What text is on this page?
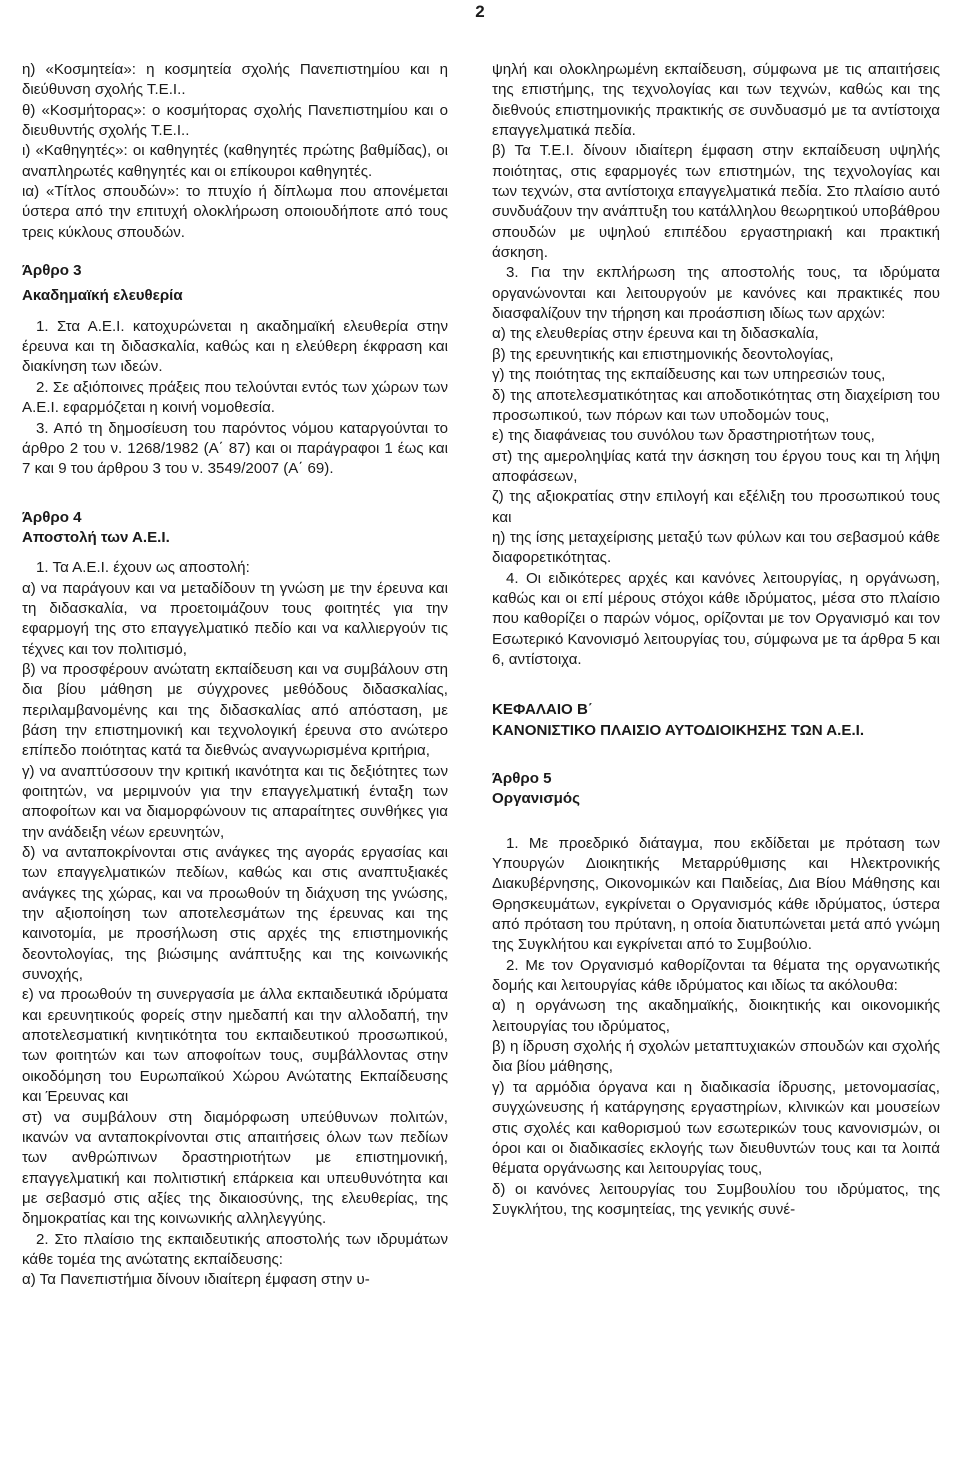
2

η) «Κοσμητεία»: η κοσμητεία σχολής Πανεπιστημίου και η διεύθυνση σχολής Τ.Ε.Ι..

θ) «Κοσμήτορας»: ο κοσμήτορας σχολής Πανεπιστημίου και ο διευθυντής σχολής Τ.Ε.Ι..

ι) «Καθηγητές»: οι καθηγητές (καθηγητές πρώτης βαθμίδας), οι αναπληρωτές καθηγητές και οι επίκουροι καθηγητές.

ια) «Τίτλος σπουδών»: το πτυχίο ή δίπλωμα που απονέμεται ύστερα από την επιτυχή ολοκλήρωση οποιουδήποτε από τους τρεις κύκλους σπουδών.

Άρθρο 3

Ακαδημαϊκή ελευθερία

1. Στα Α.Ε.Ι. κατοχυρώνεται η ακαδημαϊκή ελευθερία στην έρευνα και τη διδασκαλία, καθώς και η ελεύθερη έκφραση και διακίνηση των ιδεών.

2. Σε αξιόποινες πράξεις που τελούνται εντός των χώρων των Α.Ε.Ι. εφαρμόζεται η κοινή νομοθεσία.

3. Από τη δημοσίευση του παρόντος νόμου καταργούνται το άρθρο 2 του ν. 1268/1982 (Α΄ 87) και οι παράγραφοι 1 έως και 7 και 9 του άρθρου 3 του ν. 3549/2007 (Α΄ 69).

Άρθρο 4

Αποστολή των Α.Ε.Ι.

1. Τα Α.Ε.Ι. έχουν ως αποστολή:

α) να παράγουν και να μεταδίδουν τη γνώση με την έρευνα και τη διδασκαλία, να προετοιμάζουν τους φοιτητές για την εφαρμογή της στο επαγγελματικό πεδίο και να καλλιεργούν τις τέχνες και τον πολιτισμό,

β) να προσφέρουν ανώτατη εκπαίδευση και να συμβάλουν στη δια βίου μάθηση με σύγχρονες μεθόδους διδασκαλίας, περιλαμβανομένης και της διδασκαλίας από απόσταση, με βάση την επιστημονική και τεχνολογική έρευνα στο ανώτερο επίπεδο ποιότητας κατά τα διεθνώς αναγνωρισμένα κριτήρια,

γ) να αναπτύσσουν την κριτική ικανότητα και τις δεξιότητες των φοιτητών, να μεριμνούν για την επαγγελματική ένταξη των αποφοίτων και να διαμορφώνουν τις απαραίτητες συνθήκες για την ανάδειξη νέων ερευνητών,

δ) να ανταποκρίνονται στις ανάγκες της αγοράς εργασίας και των επαγγελματικών πεδίων, καθώς και στις αναπτυξιακές ανάγκες της χώρας, και να προωθούν τη διάχυση της γνώσης, την αξιοποίηση των αποτελεσμάτων της έρευνας και της καινοτομία, με προσήλωση στις αρχές της επιστημονικής δεοντολογίας, της βιώσιμης ανάπτυξης και της κοινωνικής συνοχής,

ε) να προωθούν τη συνεργασία με άλλα εκπαιδευτικά ιδρύματα και ερευνητικούς φορείς στην ημεδαπή και την αλλοδαπή, την αποτελεσματική κινητικότητα του εκπαιδευτικού προσωπικού, των φοιτητών και των αποφοίτων τους, συμβάλλοντας στην οικοδόμηση του Ευρωπαϊκού Χώρου Ανώτατης Εκπαίδευσης και Έρευνας και

στ) να συμβάλουν στη διαμόρφωση υπεύθυνων πολιτών, ικανών να ανταποκρίνονται στις απαιτήσεις όλων των πεδίων των ανθρώπινων δραστηριοτήτων με επιστημονική, επαγγελματική και πολιτιστική επάρκεια και υπευθυνότητα και με σεβασμό στις αξίες της δικαιοσύνης, της ελευθερίας, της δημοκρατίας και της κοινωνικής αλληλεγγύης.

2. Στο πλαίσιο της εκπαιδευτικής αποστολής των ιδρυμάτων κάθε τομέα της ανώτατης εκπαίδευσης:

α) Τα Πανεπιστήμια δίνουν ιδιαίτερη έμφαση στην υ-

ψηλή και ολοκληρωμένη εκπαίδευση, σύμφωνα με τις απαιτήσεις της επιστήμης, της τεχνολογίας και των τεχνών, καθώς και της διεθνούς επιστημονικής πρακτικής σε συνδυασμό με τα αντίστοιχα επαγγελματικά πεδία.

β) Τα Τ.Ε.Ι. δίνουν ιδιαίτερη έμφαση στην εκπαίδευση υψηλής ποιότητας, στις εφαρμογές των επιστημών, της τεχνολογίας και των τεχνών, στα αντίστοιχα επαγγελματικά πεδία. Στο πλαίσιο αυτό συνδυάζουν την ανάπτυξη του κατάλληλου θεωρητικού υποβάθρου σπουδών με υψηλού επιπέδου εργαστηριακή και πρακτική άσκηση.

3. Για την εκπλήρωση της αποστολής τους, τα ιδρύματα οργανώνονται και λειτουργούν με κανόνες και πρακτικές που διασφαλίζουν την τήρηση και προάσπιση ιδίως των αρχών:

α) της ελευθερίας στην έρευνα και τη διδασκαλία,

β) της ερευνητικής και επιστημονικής δεοντολογίας,

γ) της ποιότητας της εκπαίδευσης και των υπηρεσιών τους,

δ) της αποτελεσματικότητας και αποδοτικότητας στη διαχείριση του προσωπικού, των πόρων και των υποδομών τους,

ε) της διαφάνειας του συνόλου των δραστηριοτήτων τους,

στ) της αμεροληψίας κατά την άσκηση του έργου τους και τη λήψη αποφάσεων,

ζ) της αξιοκρατίας στην επιλογή και εξέλιξη του προσωπικού τους και

η) της ίσης μεταχείρισης μεταξύ των φύλων και του σεβασμού κάθε διαφορετικότητας.

4. Οι ειδικότερες αρχές και κανόνες λειτουργίας, η οργάνωση, καθώς και οι επί μέρους στόχοι κάθε ιδρύματος, μέσα στο πλαίσιο που καθορίζει ο παρών νόμος, ορίζονται με τον Οργανισμό και τον Εσωτερικό Κανονισμό λειτουργίας του, σύμφωνα με τα άρθρα 5 και 6, αντίστοιχα.

ΚΕΦΑΛΑΙΟ Β΄

ΚΑΝΟΝΙΣΤΙΚΟ ΠΛΑΙΣΙΟ ΑΥΤΟΔΙΟΙΚΗΣΗΣ ΤΩΝ Α.Ε.Ι.

Άρθρο 5

Οργανισμός

1. Με προεδρικό διάταγμα, που εκδίδεται με πρόταση των Υπουργών Διοικητικής Μεταρρύθμισης και Ηλεκτρονικής Διακυβέρνησης, Οικονομικών και Παιδείας, Δια Βίου Μάθησης και Θρησκευμάτων, εγκρίνεται ο Οργανισμός κάθε ιδρύματος, ύστερα από πρόταση του πρύτανη, η οποία διατυπώνεται μετά από γνώμη της Συγκλήτου και εγκρίνεται από το Συμβούλιο.

2. Με τον Οργανισμό καθορίζονται τα θέματα της οργανωτικής δομής και λειτουργίας κάθε ιδρύματος και ιδίως τα ακόλουθα:

α) η οργάνωση της ακαδημαϊκής, διοικητικής και οικονομικής λειτουργίας του ιδρύματος,

β) η ίδρυση σχολής ή σχολών μεταπτυχιακών σπουδών και σχολής δια βίου μάθησης,

γ) τα αρμόδια όργανα και η διαδικασία ίδρυσης, μετονομασίας, συγχώνευσης ή κατάργησης εργαστηρίων, κλινικών και μουσείων στις σχολές και καθορισμού των εσωτερικών τους κανονισμών, οι όροι και οι διαδικασίες εκλογής των διευθυντών τους και τα λοιπά θέματα οργάνωσης και λειτουργίας τους,

δ) οι κανόνες λειτουργίας του Συμβουλίου του ιδρύματος, της Συγκλήτου, της κοσμητείας, της γενικής συνέ-
